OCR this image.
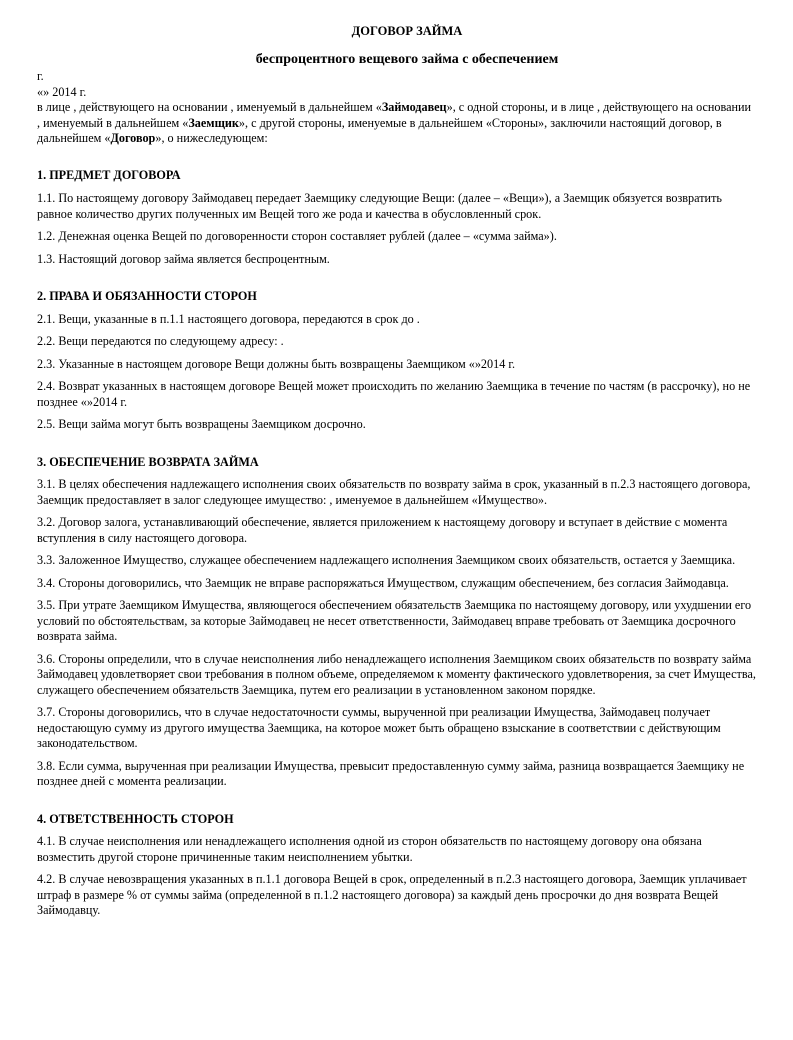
ДОГОВОР ЗАЙМА

беспроцентного вещевого займа с обеспечением

г.

«» 2014 г.

в лице , действующего на основании , именуемый в дальнейшем «Займодавец», с одной стороны, и в лице , действующего на основании , именуемый в дальнейшем «Заемщик», с другой стороны, именуемые в дальнейшем «Стороны», заключили настоящий договор, в дальнейшем «Договор», о нижеследующем:

1. ПРЕДМЕТ ДОГОВОРА

1.1. По настоящему договору Займодавец передает Заемщику следующие Вещи: (далее – «Вещи»), а Заемщик обязуется возвратить равное количество других полученных им Вещей того же рода и качества в обусловленный срок.

1.2. Денежная оценка Вещей по договоренности сторон составляет рублей (далее – «сумма займа»).

1.3. Настоящий договор займа является беспроцентным.

2. ПРАВА И ОБЯЗАННОСТИ СТОРОН

2.1. Вещи, указанные в п.1.1 настоящего договора, передаются в срок до .

2.2. Вещи передаются по следующему адресу: .

2.3. Указанные в настоящем договоре Вещи должны быть возвращены Заемщиком «»2014 г.

2.4. Возврат указанных в настоящем договоре Вещей может происходить по желанию Заемщика в течение по частям (в рассрочку), но не позднее «»2014 г.

2.5. Вещи займа могут быть возвращены Заемщиком досрочно.

3. ОБЕСПЕЧЕНИЕ ВОЗВРАТА ЗАЙМА

3.1. В целях обеспечения надлежащего исполнения своих обязательств по возврату займа в срок, указанный в п.2.3 настоящего договора, Заемщик предоставляет в залог следующее имущество: , именуемое в дальнейшем «Имущество».

3.2. Договор залога, устанавливающий обеспечение, является приложением к настоящему договору и вступает в действие с момента вступления в силу настоящего договора.

3.3. Заложенное Имущество, служащее обеспечением надлежащего исполнения Заемщиком своих обязательств, остается у Заемщика.

3.4. Стороны договорились, что Заемщик не вправе распоряжаться Имуществом, служащим обеспечением, без согласия Займодавца.

3.5. При утрате Заемщиком Имущества, являющегося обеспечением обязательств Заемщика по настоящему договору, или ухудшении его условий по обстоятельствам, за которые Займодавец не несет ответственности, Займодавец вправе требовать от Заемщика досрочного возврата займа.

3.6. Стороны определили, что в случае неисполнения либо ненадлежащего исполнения Заемщиком своих обязательств по возврату займа Займодавец удовлетворяет свои требования в полном объеме, определяемом к моменту фактического удовлетворения, за счет Имущества, служащего обеспечением обязательств Заемщика, путем его реализации в установленном законом порядке.

3.7. Стороны договорились, что в случае недостаточности суммы, вырученной при реализации Имущества, Займодавец получает недостающую сумму из другого имущества Заемщика, на которое может быть обращено взыскание в соответствии с действующим законодательством.

3.8. Если сумма, вырученная при реализации Имущества, превысит предоставленную сумму займа, разница возвращается Заемщику не позднее дней с момента реализации.

4. ОТВЕТСТВЕННОСТЬ СТОРОН

4.1. В случае неисполнения или ненадлежащего исполнения одной из сторон обязательств по настоящему договору она обязана возместить другой стороне причиненные таким неисполнением убытки.

4.2. В случае невозвращения указанных в п.1.1 договора Вещей в срок, определенный в п.2.3 настоящего договора, Заемщик уплачивает штраф в размере % от суммы займа (определенной в п.1.2 настоящего договора) за каждый день просрочки до дня возврата Вещей Займодавцу.
